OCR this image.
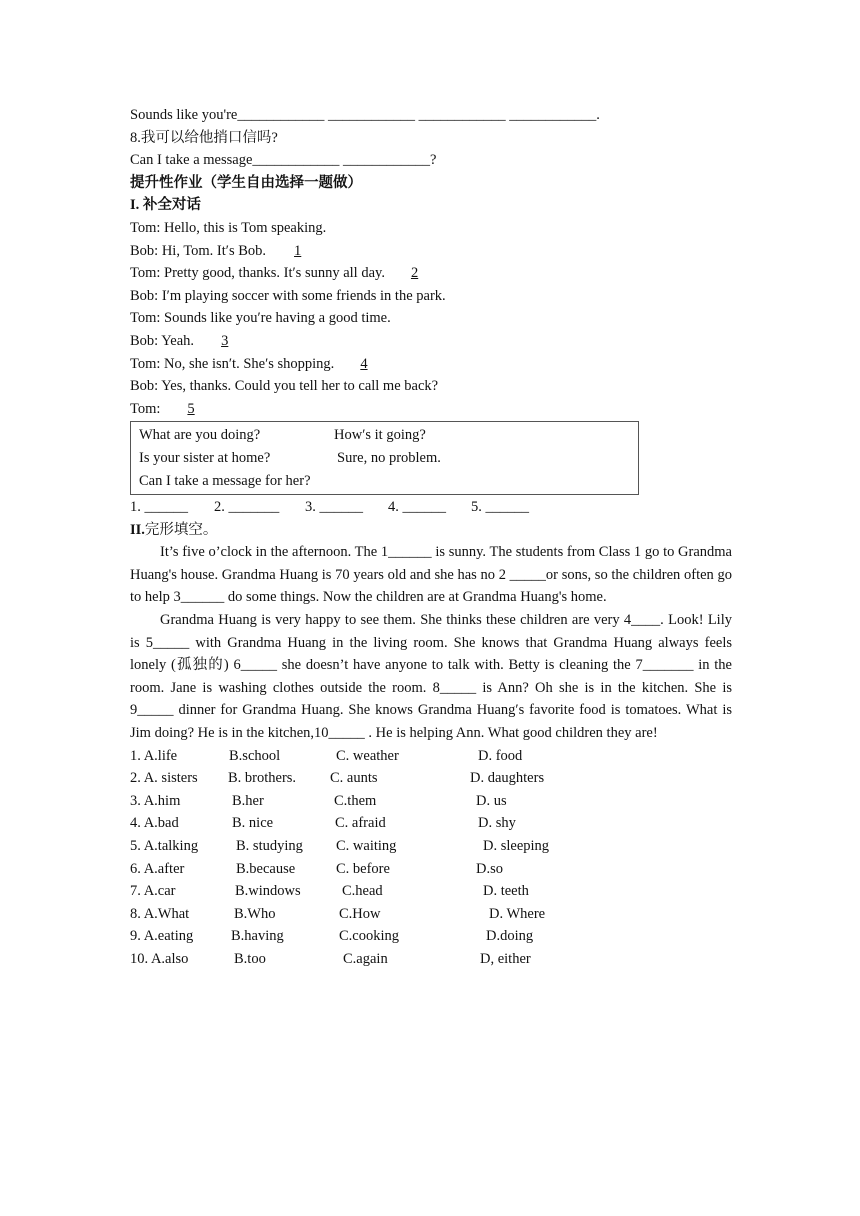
Sounds like you're____________ ____________ ____________ ____________.
8.我可以给他捎口信吗?
Can I take a message____________ ____________?
提升性作业（学生自由选择一题做）
I. 补全对话
Tom: Hello, this is Tom speaking.
Bob: Hi, Tom. It′s Bob. 1
Tom: Pretty good, thanks. It′s sunny all day. 2
Bob: I′m playing soccer with some friends in the park.
Tom: Sounds like you′re having a good time.
Bob: Yeah. 3
Tom: No, she isn′t. She′s shopping. 4
Bob: Yes, thanks. Could you tell her to call me back?
Tom: 5
What are you doing?	How′s it going?
Is your sister at home?	Sure, no problem.
Can I take a message for her?
1. ______ 2. _______ 3. ______ 4. ______ 5. ______
II.完形填空。
It’s five o’clock in the afternoon. The 1______ is sunny. The students from Class 1 go to Grandma Huang's house. Grandma Huang is 70 years old and she has no 2 _____or sons, so the children often go to help 3______ do some things. Now the children are at Grandma Huang's home.
Grandma Huang is very happy to see them. She thinks these children are very 4____. Look! Lily is 5_____ with Grandma Huang in the living room. She knows that Grandma Huang always feels lonely (孤独的) 6_____ she doesn’t have anyone to talk with. Betty is cleaning the 7_______ in the room. Jane is washing clothes outside the room. 8_____ is Ann? Oh she is in the kitchen. She is 9_____ dinner for Grandma Huang. She knows Grandma Huang′s favorite food is tomatoes. What is Jim doing? He is in the kitchen,10_____ . He is helping Ann. What good children they are!
1. A.life	B.school	C. weather	D. food
2. A. sisters B. brothers. C. aunts	D. daughters
3. A.him	B.her	C.them	D. us
4. A.bad	B. nice	C. afraid	D. shy
5. A.talking	B. studying C. waiting	D. sleeping
6. A.after	B.because	C. before	D.so
7. A.car	B.windows	C.head	D. teeth
8. A.What	B.Who	C.How	D. Where
9. A.eating	B.having	C.cooking	D.doing
10. A.also	B.too	C.again	D, either
